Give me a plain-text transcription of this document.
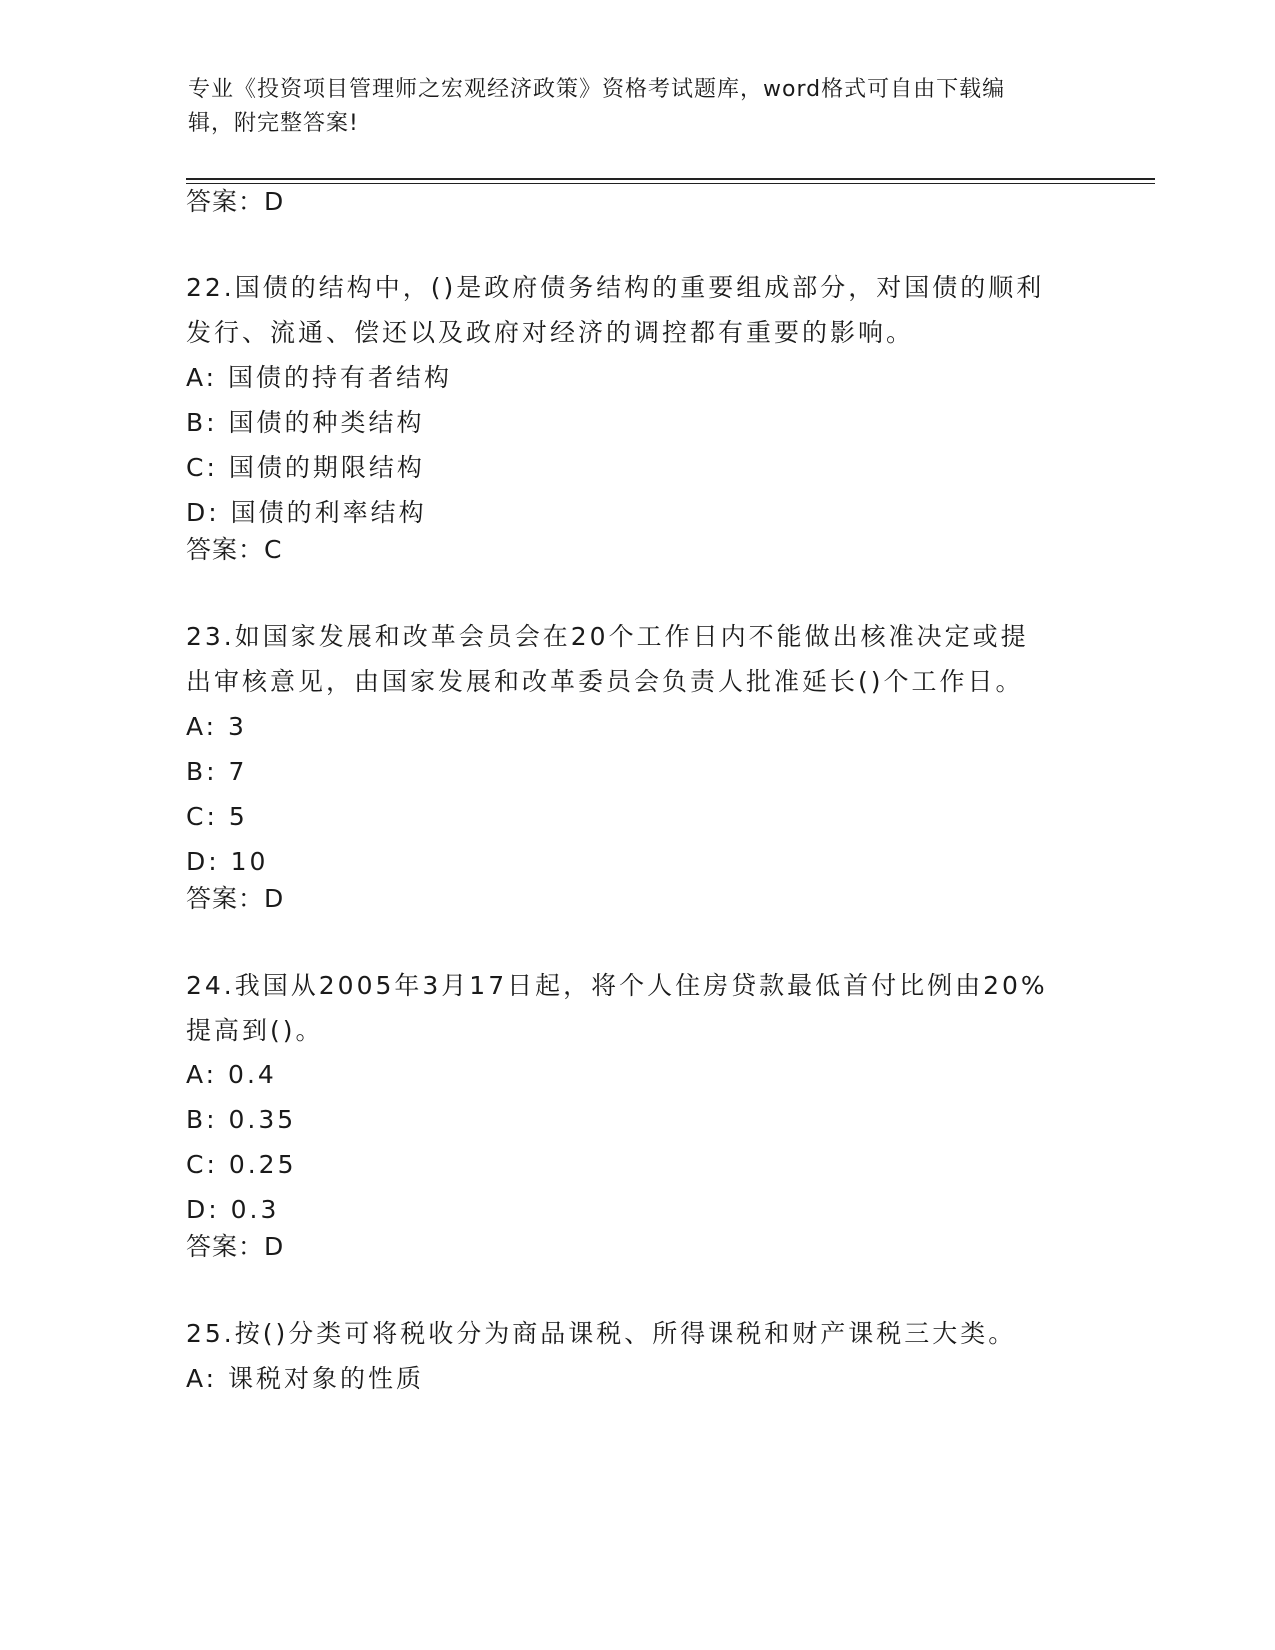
专业《投资项目管理师之宏观经济政策》资格考试题库，word格式可自由下载编
辑，附完整答案!
答案：D
22.国债的结构中，()是政府债务结构的重要组成部分，对国债的顺利
发行、流通、偿还以及政府对经济的调控都有重要的影响。
A: 国债的持有者结构
B: 国债的种类结构
C: 国债的期限结构
D: 国债的利率结构
答案：C
23.如国家发展和改革会员会在20个工作日内不能做出核准决定或提
出审核意见，由国家发展和改革委员会负责人批准延长()个工作日。
A: 3
B: 7
C: 5
D: 10
答案：D
24.我国从2005年3月17日起，将个人住房贷款最低首付比例由20%
提高到()。
A: 0.4
B: 0.35
C: 0.25
D: 0.3
答案：D
25.按()分类可将税收分为商品课税、所得课税和财产课税三大类。
A: 课税对象的性质
